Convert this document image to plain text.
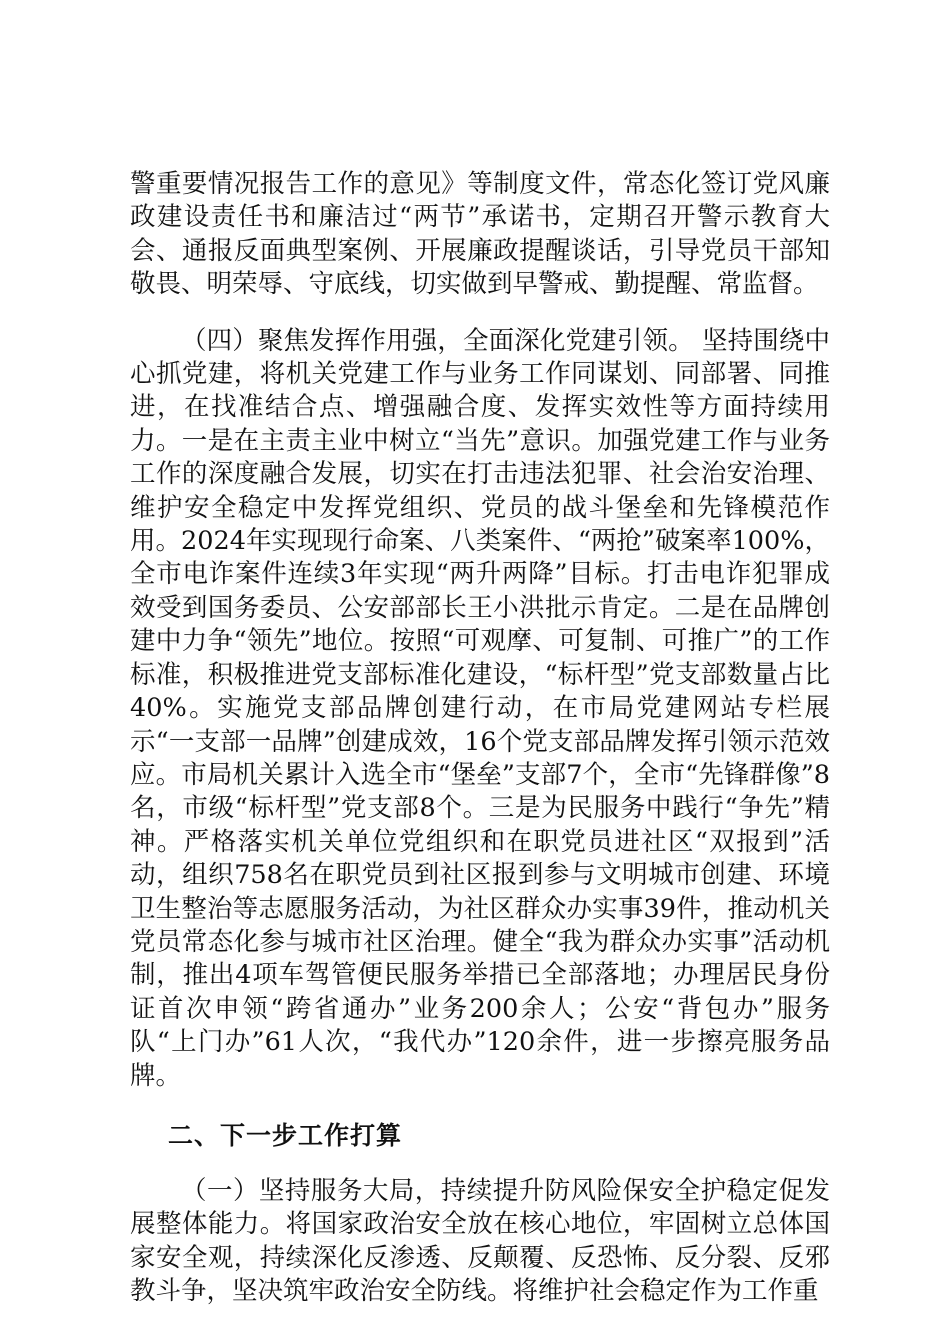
警重要情况报告工作的意见》等制度文件，常态化签订党风廉政建设责任书和廉洁过“两节”承诺书，定期召开警示教育大会、通报反面典型案例、开展廉政提醒谈话，引导党员干部知敬畏、明荣辱、守底线，切实做到早警戒、勤提醒、常监督。

（四）聚焦发挥作用强，全面深化党建引领。 坚持围绕中心抓党建，将机关党建工作与业务工作同谋划、同部署、同推进，在找准结合点、增强融合度、发挥实效性等方面持续用力。一是在主责主业中树立“当先”意识。加强党建工作与业务工作的深度融合发展，切实在打击违法犯罪、社会治安治理、维护安全稳定中发挥党组织、党员的战斗堡垒和先锋模范作用。2024年实现现行命案、八类案件、“两抢”破案率100%，全市电诈案件连续3年实现“两升两降”目标。打击电诈犯罪成效受到国务委员、公安部部长王小洪批示肯定。二是在品牌创建中力争“领先”地位。按照“可观摩、可复制、可推广”的工作标准，积极推进党支部标准化建设，“标杆型”党支部数量占比40%。实施党支部品牌创建行动，在市局党建网站专栏展示“一支部一品牌”创建成效，16个党支部品牌发挥引领示范效应。市局机关累计入选全市“堡垒”支部7个，全市“先锋群像”8名，市级“标杆型”党支部8个。三是为民服务中践行“争先”精神。严格落实机关单位党组织和在职党员进社区“双报到”活动，组织758名在职党员到社区报到参与文明城市创建、环境卫生整治等志愿服务活动，为社区群众办实事39件，推动机关党员常态化参与城市社区治理。健全“我为群众办实事”活动机制，推出4项车驾管便民服务举措已全部落地；办理居民身份证首次申领“跨省通办”业务200余人；公安“背包办”服务队“上门办”61人次，“我代办”120余件，进一步擦亮服务品牌。

二、下一步工作打算

（一）坚持服务大局，持续提升防风险保安全护稳定促发展整体能力。将国家政治安全放在核心地位，牢固树立总体国家安全观，持续深化反渗透、反颠覆、反恐怖、反分裂、反邪教斗争，坚决筑牢政治安全防线。将维护社会稳定作为工作重
